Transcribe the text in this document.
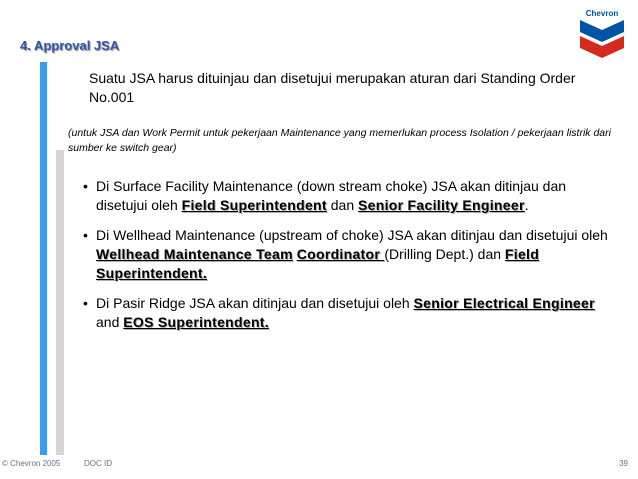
4. Approval JSA
Chevron
Suatu JSA harus dituinjau dan disetujui merupakan aturan dari Standing Order No.001
(untuk JSA dan Work Permit untuk pekerjaan Maintenance yang memerlukan process Isolation / pekerjaan listrik dari sumber ke switch gear)
• Di Surface Facility Maintenance (down stream choke) JSA akan ditinjau dan disetujui oleh Field Superintendent dan Senior Facility Engineer.
• Di Wellhead Maintenance (upstream of choke) JSA akan ditinjau dan disetujui oleh Wellhead Maintenance Team Coordinator (Drilling Dept.) dan Field Superintendent.
• Di Pasir Ridge JSA akan ditinjau dan disetujui oleh Senior Electrical Engineer and EOS Superintendent.
© Chevron 2005	DOC ID	39
